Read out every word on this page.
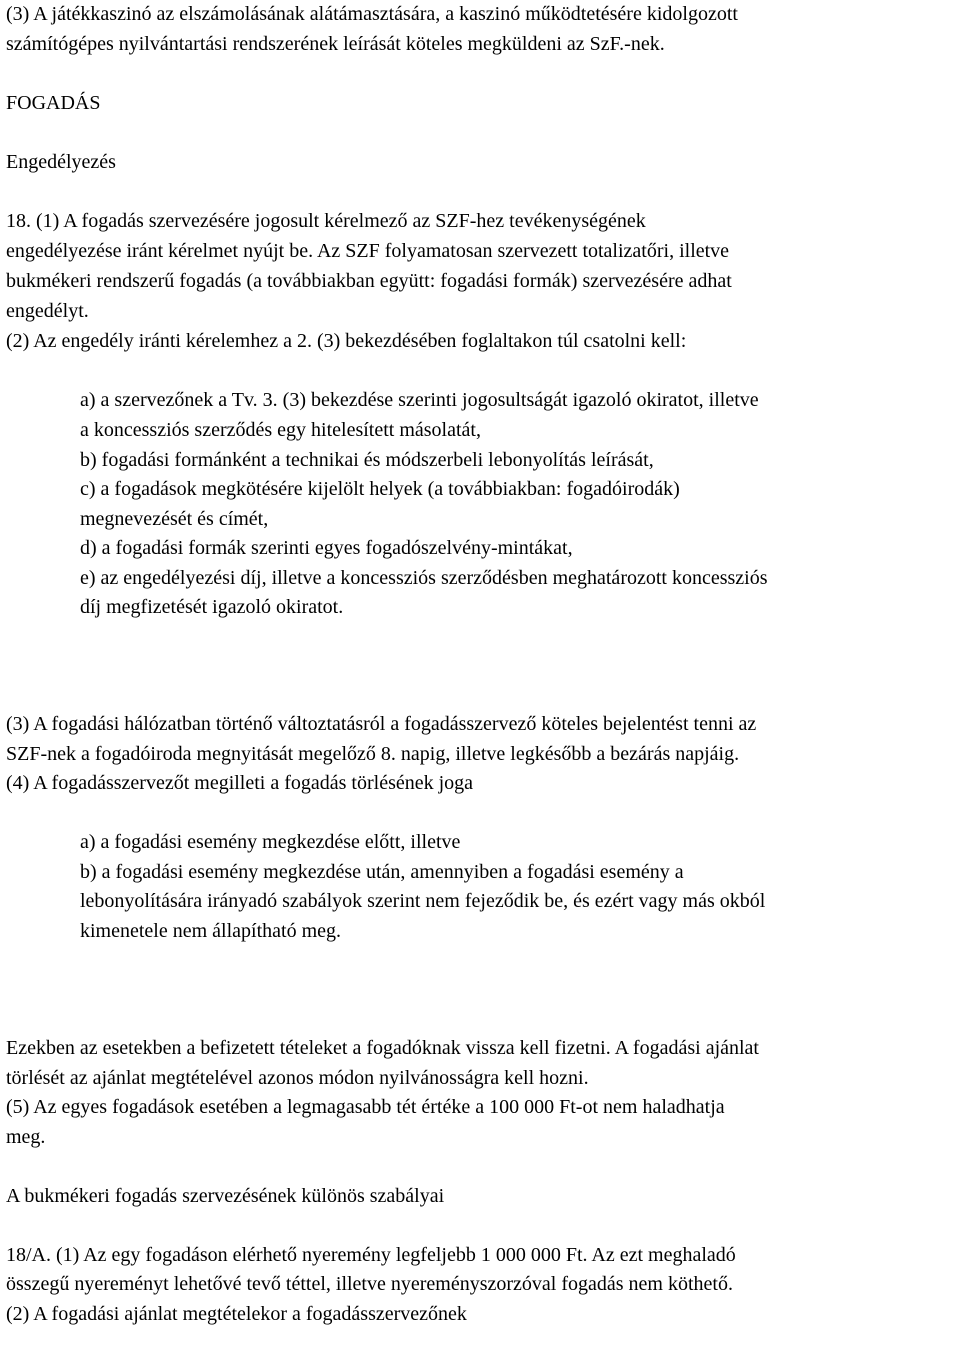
(3) A játékkaszinó az elszámolásának alátámasztására, a kaszinó működtetésére kidolgozott
számítógépes nyilvántartási rendszerének leírását köteles megküldeni az SzF.-nek.
FOGADÁS
Engedélyezés
18. (1) A fogadás szervezésére jogosult kérelmező az SZF-hez tevékenységének
engedélyezése iránt kérelmet nyújt be. Az SZF folyamatosan szervezett totalizatőri, illetve
bukmékeri rendszerű fogadás (a továbbiakban együtt: fogadási formák) szervezésére adhat
engedélyt.
(2) Az engedély iránti kérelemhez a 2. (3) bekezdésében foglaltakon túl csatolni kell:
a) a szervezőnek a Tv. 3. (3) bekezdése szerinti jogosultságát igazoló okiratot, illetve
a koncessziós szerződés egy hitelesített másolatát,
b) fogadási formánként a technikai és módszerbeli lebonyolítás leírását,
c) a fogadások megkötésére kijelölt helyek (a továbbiakban: fogadóirodák)
megnevezését és címét,
d) a fogadási formák szerinti egyes fogadószelvény-mintákat,
e) az engedélyezési díj, illetve a koncessziós szerződésben meghatározott koncessziós
díj megfizetését igazoló okiratot.
(3) A fogadási hálózatban történő változtatásról a fogadásszervező köteles bejelentést tenni az
SZF-nek a fogadóiroda megnyitását megelőző 8. napig, illetve legkésőbb a bezárás napjáig.
(4) A fogadásszervezőt megilleti a fogadás törlésének joga
a) a fogadási esemény megkezdése előtt, illetve
b) a fogadási esemény megkezdése után, amennyiben a fogadási esemény a
lebonyolítására irányadó szabályok szerint nem fejeződik be, és ezért vagy más okból
kimenetele nem állapítható meg.
Ezekben az esetekben a befizetett tételeket a fogadóknak vissza kell fizetni. A fogadási ajánlat
törlését az ajánlat megtételével azonos módon nyilvánosságra kell hozni.
(5) Az egyes fogadások esetében a legmagasabb tét értéke a 100 000 Ft-ot nem haladhatja
meg.
A bukmékeri fogadás szervezésének különös szabályai
18/A. (1) Az egy fogadáson elérhető nyeremény legfeljebb 1 000 000 Ft. Az ezt meghaladó
összegű nyereményt lehetővé tevő téttel, illetve nyereményszorzóval fogadás nem köthető.
(2) A fogadási ajánlat megtételekor a fogadásszervezőnek
